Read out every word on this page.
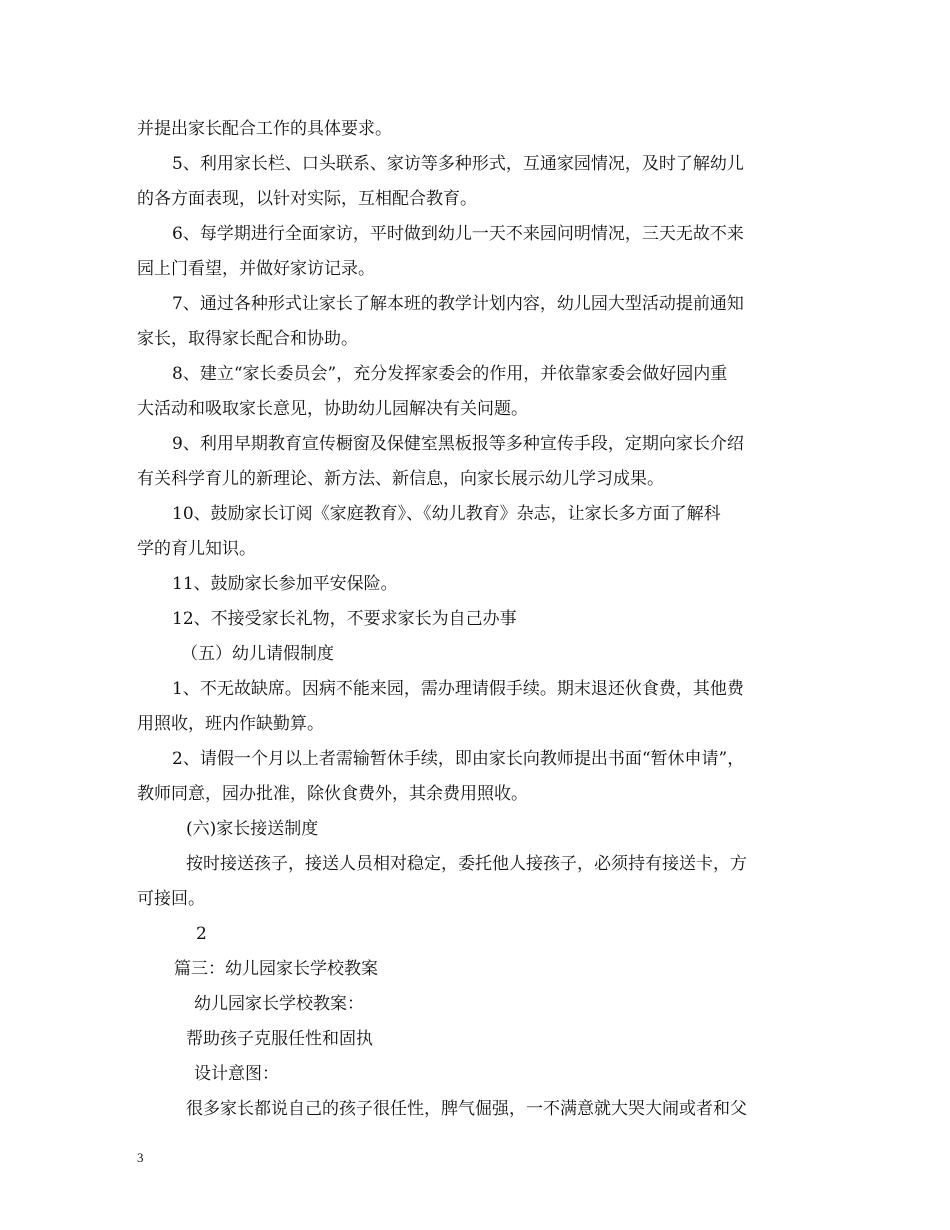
并提出家长配合工作的具体要求。
5、利用家长栏、口头联系、家访等多种形式，互通家园情况，及时了解幼儿
的各方面表现，以针对实际，互相配合教育。
6、每学期进行全面家访，平时做到幼儿一天不来园问明情况，三天无故不来
园上门看望，并做好家访记录。
7、通过各种形式让家长了解本班的教学计划内容，幼儿园大型活动提前通知
家长，取得家长配合和协助。
8、建立“家长委员会”，充分发挥家委会的作用，并依靠家委会做好园内重
大活动和吸取家长意见，协助幼儿园解决有关问题。
9、利用早期教育宣传橱窗及保健室黑板报等多种宣传手段，定期向家长介绍
有关科学育儿的新理论、新方法、新信息，向家长展示幼儿学习成果。
10、鼓励家长订阅《家庭教育》、《幼儿教育》杂志，让家长多方面了解科
学的育儿知识。
11、鼓励家长参加平安保险。
12、不接受家长礼物，不要求家长为自己办事
（五）幼儿请假制度
1、不无故缺席。因病不能来园，需办理请假手续。期末退还伙食费，其他费
用照收，班内作缺勤算。
2、请假一个月以上者需输暂休手续，即由家长向教师提出书面“暂休申请”，
教师同意，园办批准，除伙食费外，其余费用照收。
(六)家长接送制度
按时接送孩子，接送人员相对稳定，委托他人接孩子，必须持有接送卡，方
可接回。
2
篇三：幼儿园家长学校教案
幼儿园家长学校教案：
帮助孩子克服任性和固执
设计意图：
很多家长都说自己的孩子很任性，脾气倔强，一不满意就大哭大闹或者和父
3
